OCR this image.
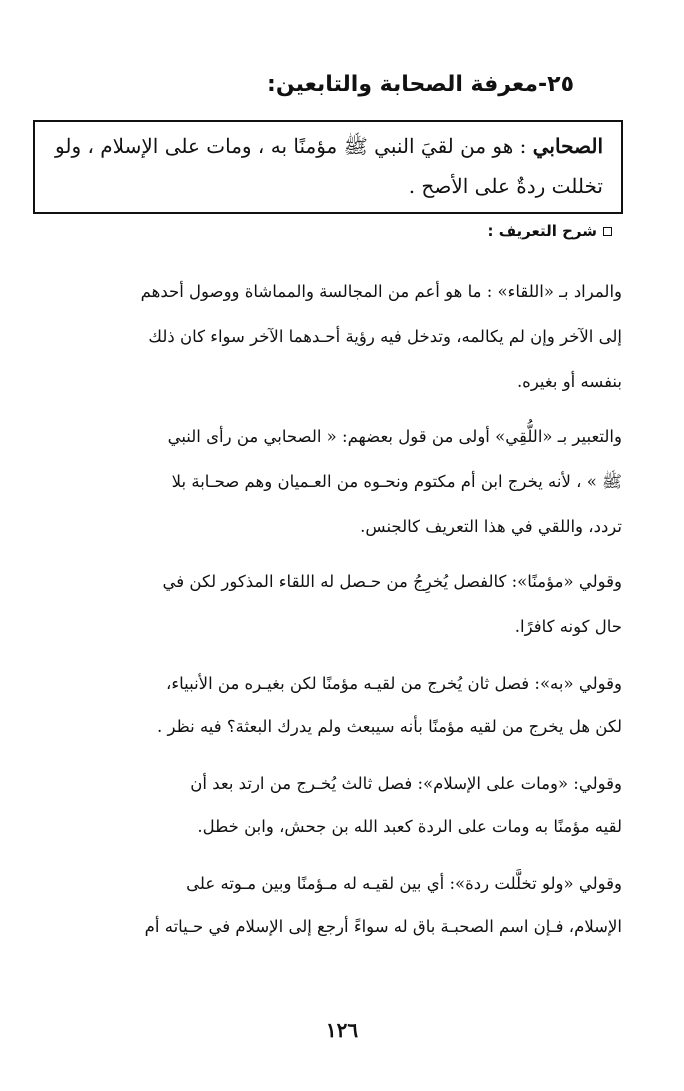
٢٥-معرفة الصحابة والتابعين:
الصحابي : هو من لقيَ النبي ﷺ مؤمنًا به ، ومات على الإسلام ، ولو
تخللت ردةٌ على الأصح .
شرح التعريف :
والمراد بـ «اللقاء» : ما هو أعم من المجالسة والمماشاة ووصول أحدهم
إلى الآخر وإن لم يكالمه، وتدخل فيه رؤية أحـدهما الآخر سواء كان ذلك
بنفسه أو بغيره.
والتعبير بـ «اللُّقِي» أولى من قول بعضهم: « الصحابي من رأى النبي
ﷺ » ، لأنه يخرج ابن أم مكتوم ونحـوه من العـميان وهم صحـابة بلا
تردد، واللقي في هذا التعريف كالجنس.
وقولي «مؤمنًا»: كالفصل يُخرِجُ من حـصل له اللقاء المذكور لكن في
حال كونه كافرًا.
وقولي «به»: فصل ثان يُخرج من لقيـه مؤمنًا لكن بغيـره من الأنبياء،
لكن هل يخرج من لقيه مؤمنًا بأنه سيبعث ولم يدرك البعثة؟ فيه نظر .
وقولي: «ومات على الإسلام»: فصل ثالث يُخـرج من ارتد بعد أن
لقيه مؤمنًا به ومات على الردة كعبد الله بن جحش، وابن خطل.
وقولي «ولو تخلَّلت ردة»: أي بين لقيـه له مـؤمنًا وبين مـوته على
الإسلام، فـإن اسم الصحبـة باق له سواءً أرجع إلى الإسلام في حـياته أم
١٢٦
